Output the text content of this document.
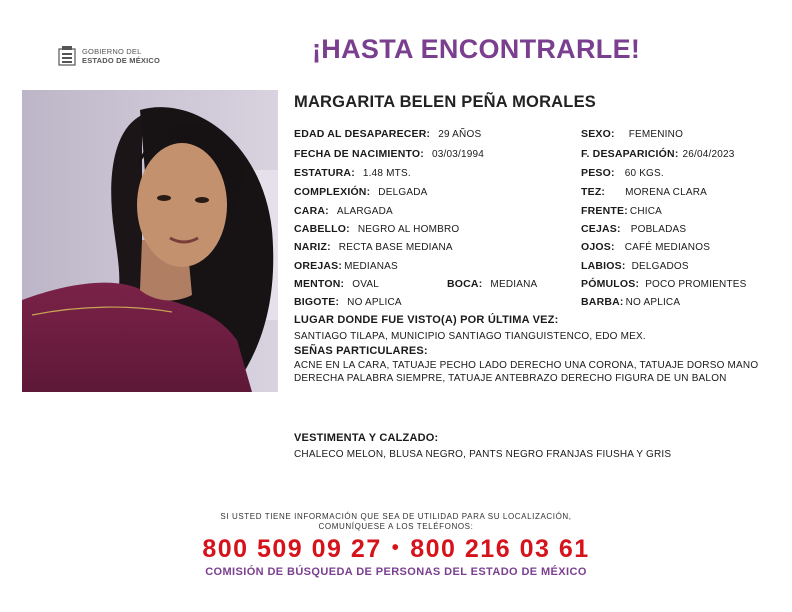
GOBIERNO DEL
ESTADO DE MÉXICO	¡HASTA ENCONTRARLE!
MARGARITA BELEN PEÑA MORALES
EDAD AL DESAPARECER: 29 AÑOS
FECHA DE NACIMIENTO: 03/03/1994
ESTATURA: 1.48 MTS.
COMPLEXIÓN: DELGADA
CARA: ALARGADA
CABELLO: NEGRO AL HOMBRO
NARIZ: RECTA BASE MEDIANA
OREJAS: MEDIANAS
MENTON: OVAL	BOCA: MEDIANA
BIGOTE: NO APLICA
SEXO: FEMENINO
F. DESAPARICIÓN: 26/04/2023
PESO: 60 KGS.
TEZ: MORENA CLARA
FRENTE: CHICA
CEJAS: POBLADAS
OJOS: CAFÉ MEDIANOS
LABIOS: DELGADOS
PÓMULOS: POCO PROMIENTES
BARBA: NO APLICA
LUGAR DONDE FUE VISTO(A) POR ÚLTIMA VEZ:
SANTIAGO TILAPA, MUNICIPIO SANTIAGO TIANGUISTENCO, EDO MEX.
SEÑAS PARTICULARES:
ACNE EN LA CARA, TATUAJE PECHO LADO DERECHO UNA CORONA, TATUAJE DORSO MANO DERECHA PALABRA SIEMPRE, TATUAJE ANTEBRAZO DERECHO FIGURA DE UN BALON
VESTIMENTA Y CALZADO:
CHALECO MELON, BLUSA NEGRO, PANTS NEGRO FRANJAS FIUSHA Y GRIS
SI USTED TIENE INFORMACIÓN QUE SEA DE UTILIDAD PARA SU LOCALIZACIÓN,
COMUNÍQUESE A LOS TELÉFONOS:
800 509 09 27 • 800 216 03 61
COMISIÓN DE BÚSQUEDA DE PERSONAS DEL ESTADO DE MÉXICO
